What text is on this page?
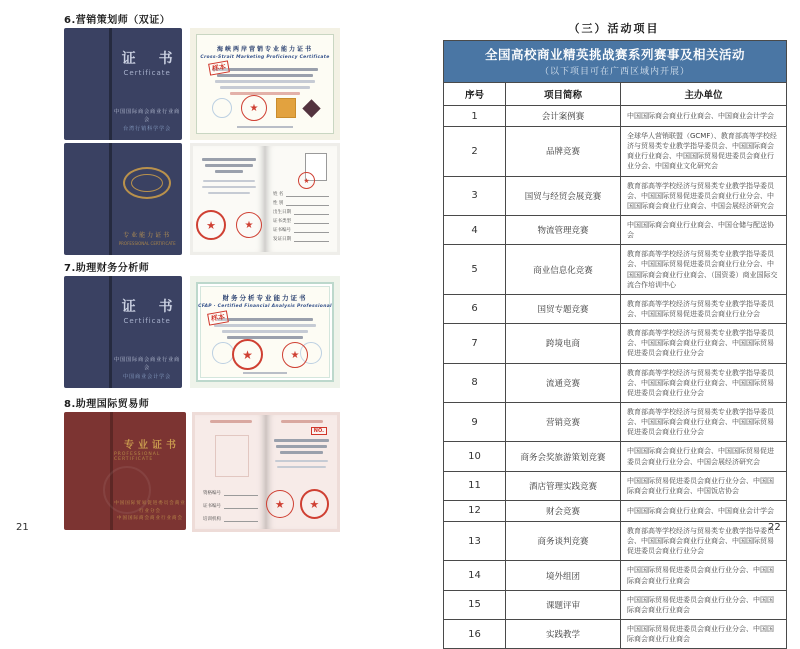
6.营销策划师（双证）
证 书
Certificate
中国国际商会商业行业商会
台湾行销科学学会
海峡两岸营销专业能力证书
Cross-Strait Marketing Proficiency Certificate
样本
★
专业能力证书
PROFESSIONAL CERTIFICATE
★	★
★
姓 名
性 别
出生日期
证书类型
证书编号
发证日期
7.助理财务分析师
证 书
Certificate
中国国际商会商业行业商会
中国商业会计学会
财务分析专业能力证书
CFAP · Certified Financial Analysis Professional
样本
★	★
8.助理国际贸易师
专业证书
PROFESSIONAL CERTIFICATE
中国国际贸易促进委员会商业行业分会
中国国际商会商业行业商会
资格编号
证书编号
培训机构
NO.
★	★
21
（三）活动项目
全国高校商业精英挑战赛系列赛事及相关活动
（以下项目可在广西区域内开展）
序号	项目简称	主办单位
1	会计案例赛	中国国际商会商业行业商会、中国商业会计学会
2	品牌竞赛
全球华人营销联盟（GCMF）、教育部高等学校经济与贸易类专业教学指导委员会、中国国际商会商业行业商会、中国国际贸易促进委员会商业行业分会、中国商业文化研究会
3	国贸与经贸会展竞赛
教育部高等学校经济与贸易类专业教学指导委员会、中国国际贸易促进委员会商业行业分会、中国国际商会商业行业商会、中国会展经济研究会
4	物流管理竞赛
中国国际商会商业行业商会、中国仓储与配送协会
5	商业信息化竞赛
教育部高等学校经济与贸易类专业教学指导委员会、中国国际贸易促进委员会商业行业分会、中国国际商会商业行业商会、（国资委）商业国际交流合作培训中心
6	国贸专题竞赛
教育部高等学校经济与贸易类专业教学指导委员会、中国国际贸易促进委员会商业行业分会
7	跨境电商
教育部高等学校经济与贸易类专业教学指导委员会、中国国际商会商业行业商会、中国国际贸易促进委员会商业行业分会
8	流通竞赛
教育部高等学校经济与贸易类专业教学指导委员会、中国国际商会商业行业商会、中国国际贸易促进委员会商业行业分会
9	营销竞赛
教育部高等学校经济与贸易类专业教学指导委员会、中国国际商会商业行业商会、中国国际贸易促进委员会商业行业分会
10	商务会奖旅游策划竞赛
中国国际商会商业行业商会、中国国际贸易促进委员会商业行业分会、中国会展经济研究会
11	酒店管理实践竞赛
中国国际贸易促进委员会商业行业分会、中国国际商会商业行业商会、中国饭店协会
12	财会竞赛	中国国际商会商业行业商会、中国商业会计学会
13	商务谈判竞赛
教育部高等学校经济与贸易类专业教学指导委员会、中国国际商会商业行业商会、中国国际贸易促进委员会商业行业分会
14	境外组团
中国国际贸易促进委员会商业行业分会、中国国际商会商业行业商会
15	课题评审
中国国际贸易促进委员会商业行业分会、中国国际商会商业行业商会
16	实践教学
中国国际贸易促进委员会商业行业分会、中国国际商会商业行业商会
22
